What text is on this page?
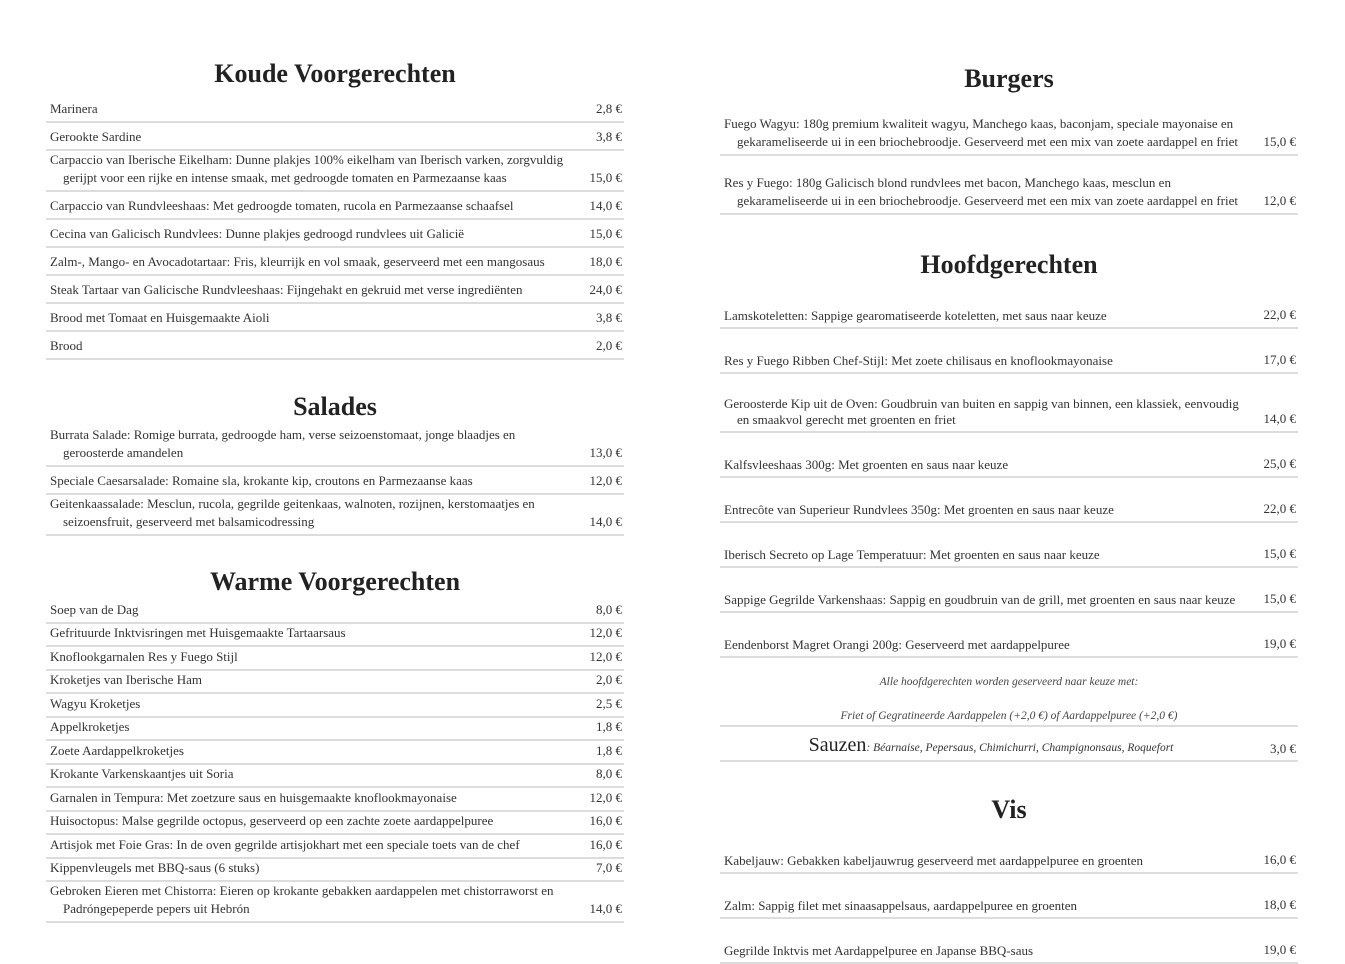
Koude Voorgerechten
Marinera	2,8 €
Gerookte Sardine	3,8 €
Carpaccio van Iberische Eikelham: Dunne plakjes 100% eikelham van Iberisch varken, zorgvuldig gerijpt voor een rijke en intense smaak, met gedroogde tomaten en Parmezaanse kaas	15,0 €
Carpaccio van Rundvleeshaas: Met gedroogde tomaten, rucola en Parmezaanse schaafsel	14,0 €
Cecina van Galicisch Rundvlees: Dunne plakjes gedroogd rundvlees uit Galicië	15,0 €
Zalm-, Mango- en Avocadotartaar: Fris, kleurrijk en vol smaak, geserveerd met een mangosaus	18,0 €
Steak Tartaar van Galicische Rundvleeshaas: Fijngehakt en gekruid met verse ingrediënten	24,0 €
Brood met Tomaat en Huisgemaakte Aioli	3,8 €
Brood	2,0 €
Salades
Burrata Salade: Romige burrata, gedroogde ham, verse seizoenstomaat, jonge blaadjes en geroosterde amandelen	13,0 €
Speciale Caesarsalade: Romaine sla, krokante kip, croutons en Parmezaanse kaas	12,0 €
Geitenkaassalade: Mesclun, rucola, gegrilde geitenkaas, walnoten, rozijnen, kerstomaatjes en seizoensfruit, geserveerd met balsamicodressing	14,0 €
Warme Voorgerechten
Soep van de Dag	8,0 €
Gefrituurde Inktvisringen met Huisgemaakte Tartaarsaus	12,0 €
Knoflookgarnalen Res y Fuego Stijl	12,0 €
Kroketjes van Iberische Ham	2,0 €
Wagyu Kroketjes	2,5 €
Appelkroketjes	1,8 €
Zoete Aardappelkroketjes	1,8 €
Krokante Varkenskaantjes uit Soria	8,0 €
Garnalen in Tempura: Met zoetzure saus en huisgemaakte knoflookmayonaise	12,0 €
Huisoctopus: Malse gegrilde octopus, geserveerd op een zachte zoete aardappelpuree	16,0 €
Artisjok met Foie Gras: In de oven gegrilde artisjokhart met een speciale toets van de chef	16,0 €
Kippenvleugels met BBQ-saus (6 stuks)	7,0 €
Gebroken Eieren met Chistorra: Eieren op krokante gebakken aardappelen met chistorraworst en Padróngepeperde pepers uit Hebrón	14,0 €
Burgers
Fuego Wagyu: 180g premium kwaliteit wagyu, Manchego kaas, baconjam, speciale mayonaise en gekarameliseerde ui in een briochebroodje. Geserveerd met een mix van zoete aardappel en friet	15,0 €
Res y Fuego: 180g Galicisch blond rundvlees met bacon, Manchego kaas, mesclun en gekarameliseerde ui in een briochebroodje. Geserveerd met een mix van zoete aardappel en friet	12,0 €
Hoofdgerechten
Lamskoteletten: Sappige gearomatiseerde koteletten, met saus naar keuze	22,0 €
Res y Fuego Ribben Chef-Stijl: Met zoete chilisaus en knoflookmayonaise	17,0 €
Geroosterde Kip uit de Oven: Goudbruin van buiten en sappig van binnen, een klassiek, eenvoudig en smaakvol gerecht met groenten en friet	14,0 €
Kalfsvleeshaas 300g: Met groenten en saus naar keuze	25,0 €
Entrecôte van Superieur Rundvlees 350g: Met groenten en saus naar keuze	22,0 €
Iberisch Secreto op Lage Temperatuur: Met groenten en saus naar keuze	15,0 €
Sappige Gegrilde Varkenshaas: Sappig en goudbruin van de grill, met groenten en saus naar keuze	15,0 €
Eendenborst Magret Orangi 200g: Geserveerd met aardappelpuree	19,0 €
Alle hoofdgerechten worden geserveerd naar keuze met:
Friet of Gegratineerde Aardappelen (+2,0 €) of Aardappelpuree (+2,0 €)
Sauzen: Béarnaise, Pepersaus, Chimichurri, Champignonsaus, Roquefort	3,0 €
Vis
Kabeljauw: Gebakken kabeljauwrug geserveerd met aardappelpuree en groenten	16,0 €
Zalm: Sappig filet met sinaasappelsaus, aardappelpuree en groenten	18,0 €
Gegrilde Inktvis met Aardappelpuree en Japanse BBQ-saus	19,0 €
